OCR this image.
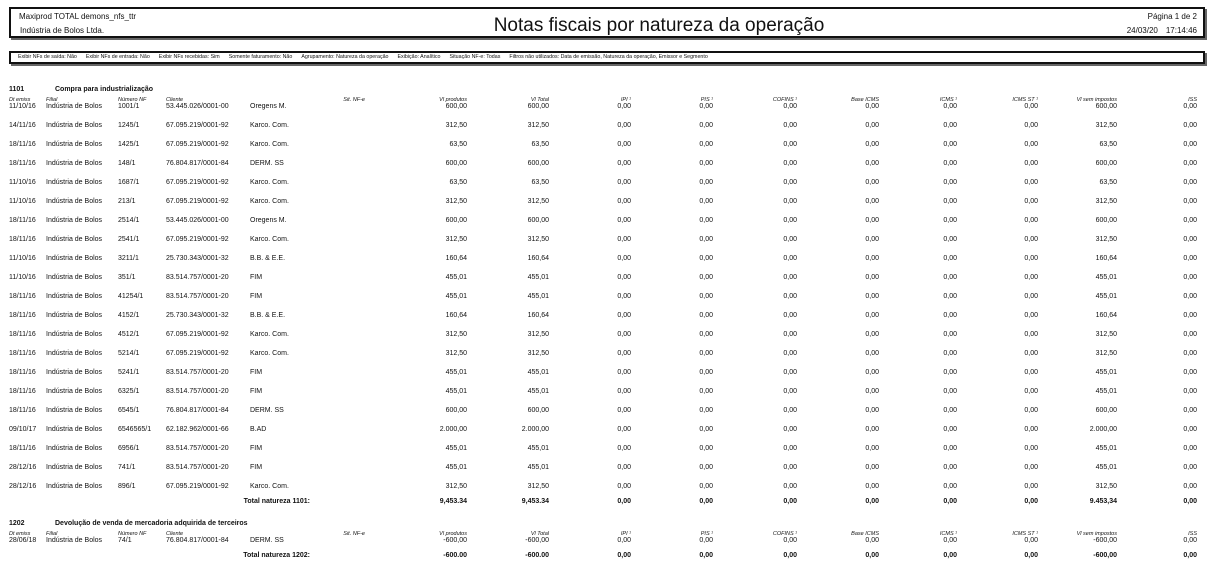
Maxiprod TOTAL demons_nfs_ttr
Indústria de Bolos Ltda.	Notas fiscais por natureza da operação	Página 1 de 2
24/03/20 17:14:46
Exibir NFs de saída: Não Exibir NFs de entrada: Não Exibir NFs recebidas: Sim Somente faturamento: Não Agrupamento: Natureza da operação Exibição: Analítico Situação NF-e: Todas Filtros não utilizados: Data de emissão, Natureza da operação, Emissor e Segmento
1101	Compra para industrialização
Dt emiss	Filial	Número NF	Cliente	Sit. NF-e	Vl produtos	Vl Total	IPI ¹	PIS ¹	COFINS ¹	Base ICMS	ICMS ¹	ICMS ST ¹	Vl sem impostos	ISS
11/10/16 Indústria de Bolos 1001/1	53.445.026/0001-00	Oregens M.	600,00	600,00	0,00	0,00	0,00	0,00	0,00	0,00	600,00	0,00
14/11/16 Indústria de Bolos 1245/1	67.095.219/0001-92	Karco. Com.	312,50	312,50	0,00	0,00	0,00	0,00	0,00	0,00	312,50	0,00
18/11/16 Indústria de Bolos 1425/1	67.095.219/0001-92	Karco. Com.	63,50	63,50	0,00	0,00	0,00	0,00	0,00	0,00	63,50	0,00
18/11/16 Indústria de Bolos 148/1	76.804.817/0001-84	DERM. SS	600,00	600,00	0,00	0,00	0,00	0,00	0,00	0,00	600,00	0,00
11/10/16 Indústria de Bolos 1687/1	67.095.219/0001-92	Karco. Com.	63,50	63,50	0,00	0,00	0,00	0,00	0,00	0,00	63,50	0,00
11/10/16 Indústria de Bolos 213/1	67.095.219/0001-92	Karco. Com.	312,50	312,50	0,00	0,00	0,00	0,00	0,00	0,00	312,50	0,00
18/11/16 Indústria de Bolos 2514/1	53.445.026/0001-00	Oregens M.	600,00	600,00	0,00	0,00	0,00	0,00	0,00	0,00	600,00	0,00
18/11/16 Indústria de Bolos 2541/1	67.095.219/0001-92	Karco. Com.	312,50	312,50	0,00	0,00	0,00	0,00	0,00	0,00	312,50	0,00
11/10/16 Indústria de Bolos 3211/1	25.730.343/0001-32	B.B. & E.E.	160,64	160,64	0,00	0,00	0,00	0,00	0,00	0,00	160,64	0,00
11/10/16 Indústria de Bolos 351/1	83.514.757/0001-20	FIM	455,01	455,01	0,00	0,00	0,00	0,00	0,00	0,00	455,01	0,00
18/11/16 Indústria de Bolos 41254/1	83.514.757/0001-20	FIM	455,01	455,01	0,00	0,00	0,00	0,00	0,00	0,00	455,01	0,00
18/11/16 Indústria de Bolos 4152/1	25.730.343/0001-32	B.B. & E.E.	160,64	160,64	0,00	0,00	0,00	0,00	0,00	0,00	160,64	0,00
18/11/16 Indústria de Bolos 4512/1	67.095.219/0001-92	Karco. Com.	312,50	312,50	0,00	0,00	0,00	0,00	0,00	0,00	312,50	0,00
18/11/16 Indústria de Bolos 5214/1	67.095.219/0001-92	Karco. Com.	312,50	312,50	0,00	0,00	0,00	0,00	0,00	0,00	312,50	0,00
18/11/16 Indústria de Bolos 5241/1	83.514.757/0001-20	FIM	455,01	455,01	0,00	0,00	0,00	0,00	0,00	0,00	455,01	0,00
18/11/16 Indústria de Bolos 6325/1	83.514.757/0001-20	FIM	455,01	455,01	0,00	0,00	0,00	0,00	0,00	0,00	455,01	0,00
18/11/16 Indústria de Bolos 6545/1	76.804.817/0001-84	DERM. SS	600,00	600,00	0,00	0,00	0,00	0,00	0,00	0,00	600,00	0,00
09/10/17 Indústria de Bolos 6546565/1 62.182.962/0001-66	B.AD	2.000,00	2.000,00	0,00	0,00	0,00	0,00	0,00	0,00	2.000,00	0,00
18/11/16 Indústria de Bolos 6956/1	83.514.757/0001-20	FIM	455,01	455,01	0,00	0,00	0,00	0,00	0,00	0,00	455,01	0,00
28/12/16 Indústria de Bolos 741/1	83.514.757/0001-20	FIM	455,01	455,01	0,00	0,00	0,00	0,00	0,00	0,00	455,01	0,00
28/12/16 Indústria de Bolos 896/1	67.095.219/0001-92	Karco. Com.	312,50	312,50	0,00	0,00	0,00	0,00	0,00	0,00	312,50	0,00
Total natureza 1101:	9,453.34	9,453.34	0,00	0,00	0,00	0,00	0,00	0,00	9.453,34	0,00
1202	Devolução de venda de mercadoria adquirida de terceiros
Dt emiss	Filial	Número NF	Cliente	Sit. NF-e	Vl produtos	Vl Total	IPI ¹	PIS ¹	COFINS ¹	Base ICMS	ICMS ¹	ICMS ST ¹	Vl sem impostos	ISS
28/06/18 Indústria de Bolos 74/1	76.804.817/0001-84	DERM. SS	-600,00	-600,00	0,00	0,00	0,00	0,00	0,00	0,00	-600,00	0,00
Total natureza 1202:	-600.00	-600.00	0,00	0,00	0,00	0,00	0,00	0,00	-600,00	0,00
